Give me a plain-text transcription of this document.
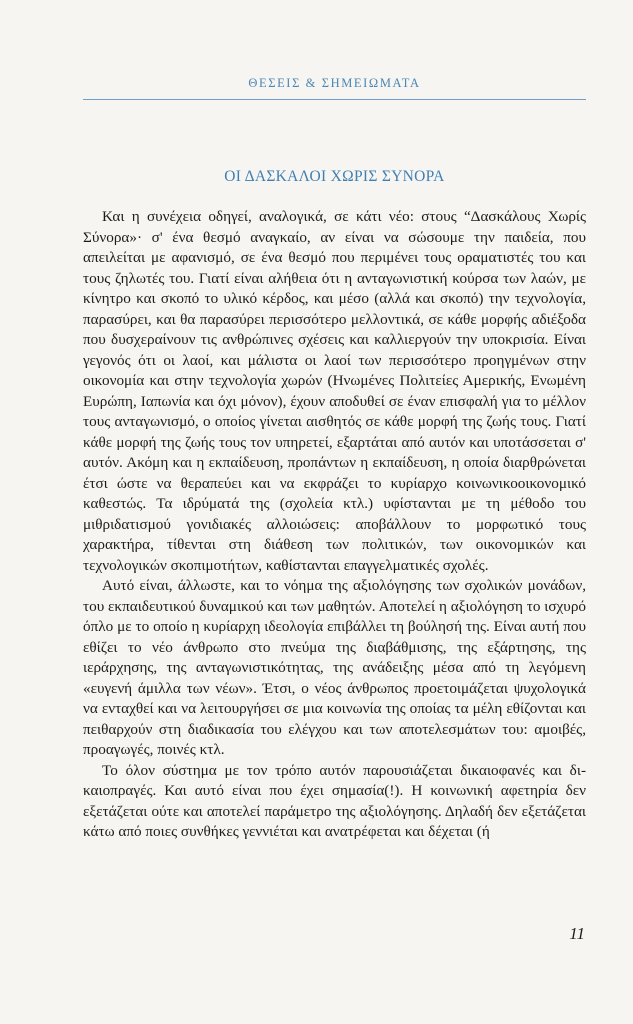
ΘΕΣΕΙΣ & ΣΗΜΕΙΩΜΑΤΑ
ΟΙ ΔΑΣΚΑΛΟΙ ΧΩΡΙΣ ΣΥΝΟΡΑ

Και η συνέχεια οδηγεί, αναλογικά, σε κάτι νέο: στους “Δασκάλους Χωρίς Σύνορα»· σ' ένα θεσμό αναγκαίο, αν είναι να σώσουμε την παιδεία, που απειλείται με αφανισμό, σε ένα θεσμό που περιμένει τους οραματιστές του και τους ζηλωτές του. Γιατί είναι αλήθεια ότι η ανταγωνιστική κούρσα των λαών, με κίνητρο και σκοπό το υλικό κέρδος, και μέσο (αλλά και σκοπό) την τεχνολογία, παρασύρει, και θα παρασύρει περισσότερο μελλοντικά, σε κάθε μορφής αδιέξοδα που δυσχεραίνουν τις ανθρώπινες σχέσεις και καλλιεργούν την υποκρισία. Είναι γεγονός ότι οι λαοί, και μάλιστα οι λαοί των περισσότερο προηγμένων στην οικονομία και στην τεχνολογία χωρών (Ηνωμένες Πολιτείες Αμερικής, Ενωμένη Ευρώπη, Ιαπωνία και όχι μόνον), έχουν αποδυθεί σε έναν επισφαλή για το μέλλον τους ανταγωνισμό, ο οποίος γίνεται αισθητός σε κάθε μορφή της ζωής τους. Γιατί κάθε μορφή της ζωής τους τον υπηρετεί, εξαρτάται από αυτόν και υποτάσσεται σ' αυτόν. Ακόμη και η εκπαίδευση, προπάντων η εκπαίδευση, η οποία διαρθρώνεται έτσι ώστε να θεραπεύει και να εκφράζει το κυρίαρχο κοινωνικοοικονομικό καθεστώς. Τα ιδρύματά της (σχολεία κτλ.) υφίστανται με τη μέθοδο του μιθριδατισμού γονιδιακές αλλοιώσεις: αποβάλλουν το μορφωτικό τους χαρακτήρα, τίθενται στη διάθεση των πολιτικών, των οικονομικών και τεχνολογικών σκοπιμοτήτων, καθίστανται επαγγελματικές σχολές.

Αυτό είναι, άλλωστε, και το νόημα της αξιολόγησης των σχολικών μονάδων, του εκπαιδευτικού δυναμικού και των μαθητών. Αποτελεί η αξιολόγηση το ισχυρό όπλο με το οποίο η κυρίαρχη ιδεολογία επιβάλλει τη βούλησή της. Είναι αυτή που εθίζει το νέο άνθρωπο στο πνεύμα της διαβάθμισης, της εξάρτησης, της ιεράρχησης, της ανταγωνιστικότητας, της ανάδειξης μέσα από τη λεγόμενη «ευγενή άμιλλα των νέων». Έτσι, ο νέος άνθρωπος προετοιμάζεται ψυχολογικά να ενταχθεί και να λειτουργήσει σε μια κοινωνία της οποίας τα μέλη εθίζονται και πειθαρχούν στη διαδικασία του ελέγχου και των αποτελεσμάτων του: αμοιβές, προαγωγές, ποινές κτλ.

Το όλον σύστημα με τον τρόπο αυτόν παρουσιάζεται δικαιοφανές και δικαιοπραγές. Και αυτό είναι που έχει σημασία(!). Η κοινωνική αφετηρία δεν εξετάζεται ούτε και αποτελεί παράμετρο της αξιολόγησης. Δηλαδή δεν εξετάζεται κάτω από ποιες συνθήκες γεννιέται και ανατρέφεται και δέχεται (ή

11
